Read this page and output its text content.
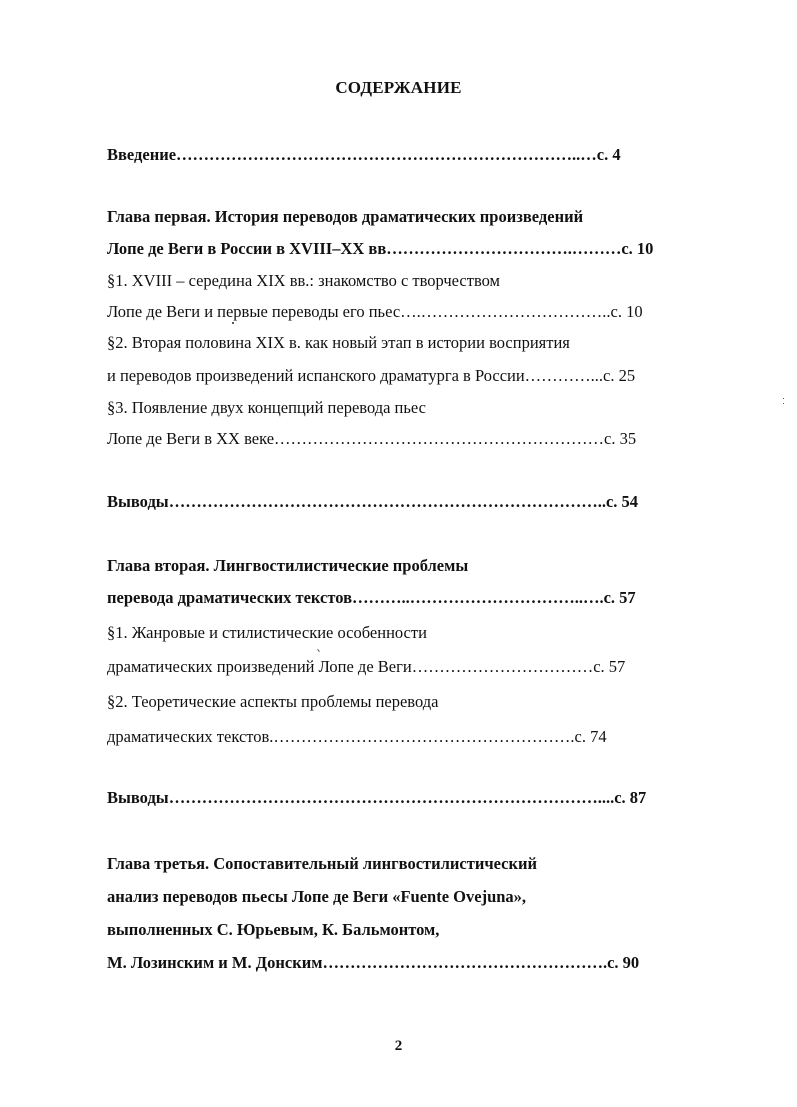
СОДЕРЖАНИЕ
Введение………………………………………………………………..…с. 4
Глава первая. История переводов драматических произведений
Лопе де Веги в России в XVIII–XX вв…………………………….………с. 10
§1. XVIII – середина XIX вв.: знакомство с творчеством
Лопе де Веги и первые переводы его пьес….……………………………..с. 10
§2. Вторая половина XIX в. как новый этап в истории восприятия
и переводов произведений испанского драматурга в России…………...с. 25
§3. Появление двух концепций перевода пьес
Лопе де Веги в XX веке……………………………………………………с. 35
Выводы……………………………………………………………………..с. 54
Глава вторая. Лингвостилистические проблемы
перевода драматических текстов………..…………………………..….с. 57
§1. Жанровые и стилистические особенности
драматических произведений Лопе де Веги……………………………с. 57
§2. Теоретические аспекты проблемы перевода
драматических текстов.……………………………………………….с. 74
Выводы……………………………………………………………………....с. 87
Глава третья. Сопоставительный лингвостилистический
анализ переводов пьесы Лопе де Веги «Fuente Ovejuna»,
выполненных С. Юрьевым, К. Бальмонтом,
М. Лозинским и М. Донским…………………………………………….с. 90
2
